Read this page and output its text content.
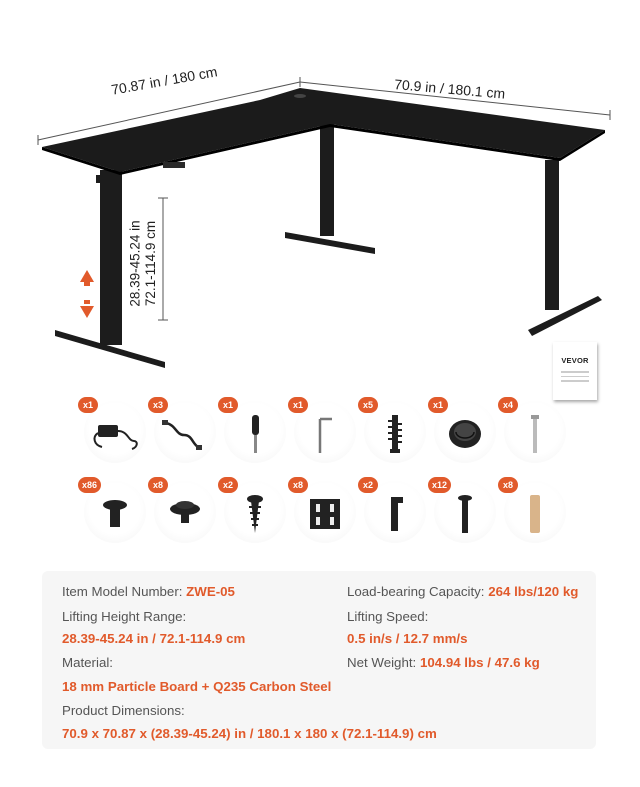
70.87 in / 180 cm	70.9 in / 180.1 cm
28.39-45.24 in 72.1-114.9 cm
VEVOR
x1	x3	x1	x1	x5	x1	x4
x86	x8	x2	x8	x2	x12	x8
Item Model Number: ZWE-05
Lifting Height Range:
28.39-45.24 in / 72.1-114.9 cm
Material:
18 mm Particle Board + Q235 Carbon Steel
Product Dimensions:
70.9 x 70.87 x (28.39-45.24) in / 180.1 x 180 x (72.1-114.9) cm
Load-bearing Capacity: 264 lbs/120 kg
Lifting Speed:
0.5 in/s / 12.7 mm/s
Net Weight: 104.94 lbs / 47.6 kg
